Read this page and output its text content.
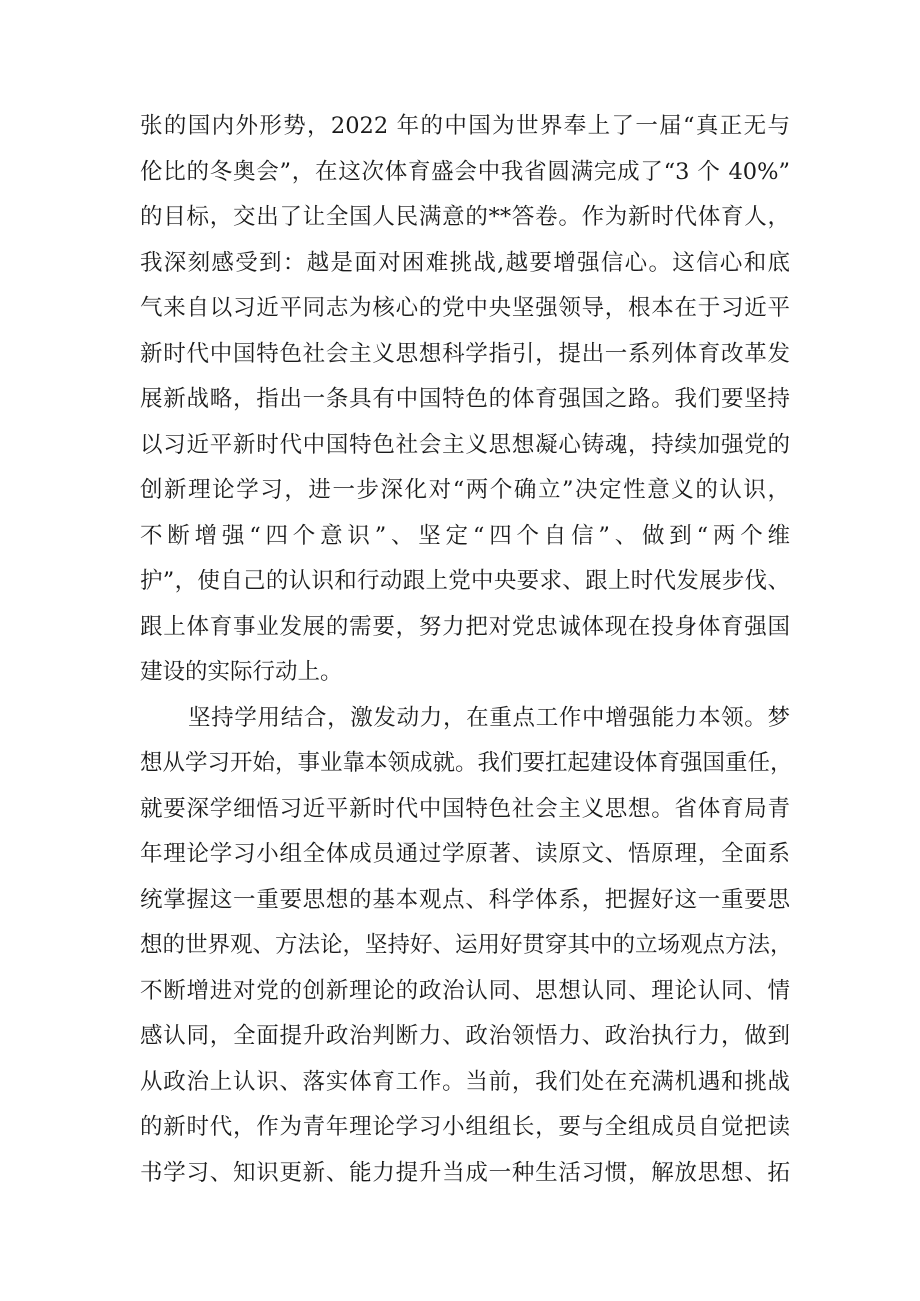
张的国内外形势，2022 年的中国为世界奉上了一届“真正无与
伦比的冬奥会”，在这次体育盛会中我省圆满完成了“3 个 40%”
的目标，交出了让全国人民满意的**答卷。作为新时代体育人，
我深刻感受到：越是面对困难挑战,越要增强信心。这信心和底
气来自以习近平同志为核心的党中央坚强领导，根本在于习近平
新时代中国特色社会主义思想科学指引，提出一系列体育改革发
展新战略，指出一条具有中国特色的体育强国之路。我们要坚持
以习近平新时代中国特色社会主义思想凝心铸魂，持续加强党的
创新理论学习，进一步深化对“两个确立”决定性意义的认识，
不断增强“四个意识”、坚定“四个自信”、做到“两个维
护”，使自己的认识和行动跟上党中央要求、跟上时代发展步伐、
跟上体育事业发展的需要，努力把对党忠诚体现在投身体育强国
建设的实际行动上。
坚持学用结合，激发动力，在重点工作中增强能力本领。梦
想从学习开始，事业靠本领成就。我们要扛起建设体育强国重任，
就要深学细悟习近平新时代中国特色社会主义思想。省体育局青
年理论学习小组全体成员通过学原著、读原文、悟原理，全面系
统掌握这一重要思想的基本观点、科学体系，把握好这一重要思
想的世界观、方法论，坚持好、运用好贯穿其中的立场观点方法，
不断增进对党的创新理论的政治认同、思想认同、理论认同、情
感认同，全面提升政治判断力、政治领悟力、政治执行力，做到
从政治上认识、落实体育工作。当前，我们处在充满机遇和挑战
的新时代，作为青年理论学习小组组长，要与全组成员自觉把读
书学习、知识更新、能力提升当成一种生活习惯，解放思想、拓
